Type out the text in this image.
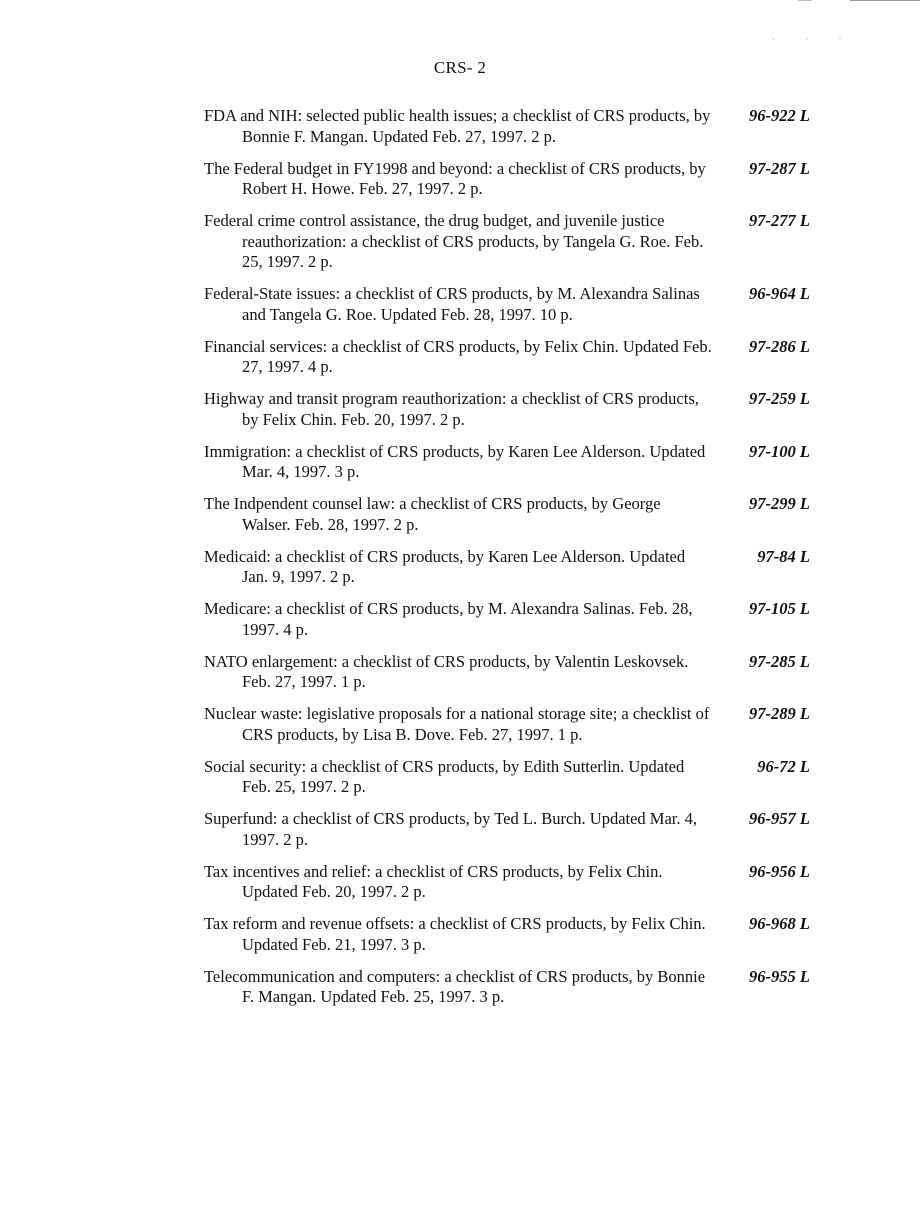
· · ·
CRS- 2
FDA and NIH: selected public health issues; a checklist of CRS products, by Bonnie F. Mangan. Updated Feb. 27, 1997. 2 p.
96-922 L
The Federal budget in FY1998 and beyond: a checklist of CRS products, by Robert H. Howe. Feb. 27, 1997. 2 p.
97-287 L
Federal crime control assistance, the drug budget, and juvenile justice reauthorization: a checklist of CRS products, by Tangela G. Roe. Feb. 25, 1997. 2 p.
97-277 L
Federal-State issues: a checklist of CRS products, by M. Alexandra Salinas and Tangela G. Roe. Updated Feb. 28, 1997. 10 p.
96-964 L
Financial services: a checklist of CRS products, by Felix Chin. Updated Feb. 27, 1997. 4 p.
97-286 L
Highway and transit program reauthorization: a checklist of CRS products, by Felix Chin. Feb. 20, 1997. 2 p.
97-259 L
Immigration: a checklist of CRS products, by Karen Lee Alderson. Updated Mar. 4, 1997. 3 p.
97-100 L
The Indpendent counsel law: a checklist of CRS products, by George Walser. Feb. 28, 1997. 2 p.
97-299 L
Medicaid: a checklist of CRS products, by Karen Lee Alderson. Updated Jan. 9, 1997. 2 p.
97-84 L
Medicare: a checklist of CRS products, by M. Alexandra Salinas. Feb. 28, 1997. 4 p.
97-105 L
NATO enlargement: a checklist of CRS products, by Valentin Leskovsek. Feb. 27, 1997. 1 p.
97-285 L
Nuclear waste: legislative proposals for a national storage site; a checklist of CRS products, by Lisa B. Dove. Feb. 27, 1997. 1 p.
97-289 L
Social security: a checklist of CRS products, by Edith Sutterlin. Updated Feb. 25, 1997. 2 p.
96-72 L
Superfund: a checklist of CRS products, by Ted L. Burch. Updated Mar. 4, 1997. 2 p.
96-957 L
Tax incentives and relief: a checklist of CRS products, by Felix Chin. Updated Feb. 20, 1997. 2 p.
96-956 L
Tax reform and revenue offsets: a checklist of CRS products, by Felix Chin. Updated Feb. 21, 1997. 3 p.
96-968 L
Telecommunication and computers: a checklist of CRS products, by Bonnie F. Mangan. Updated Feb. 25, 1997. 3 p.
96-955 L
